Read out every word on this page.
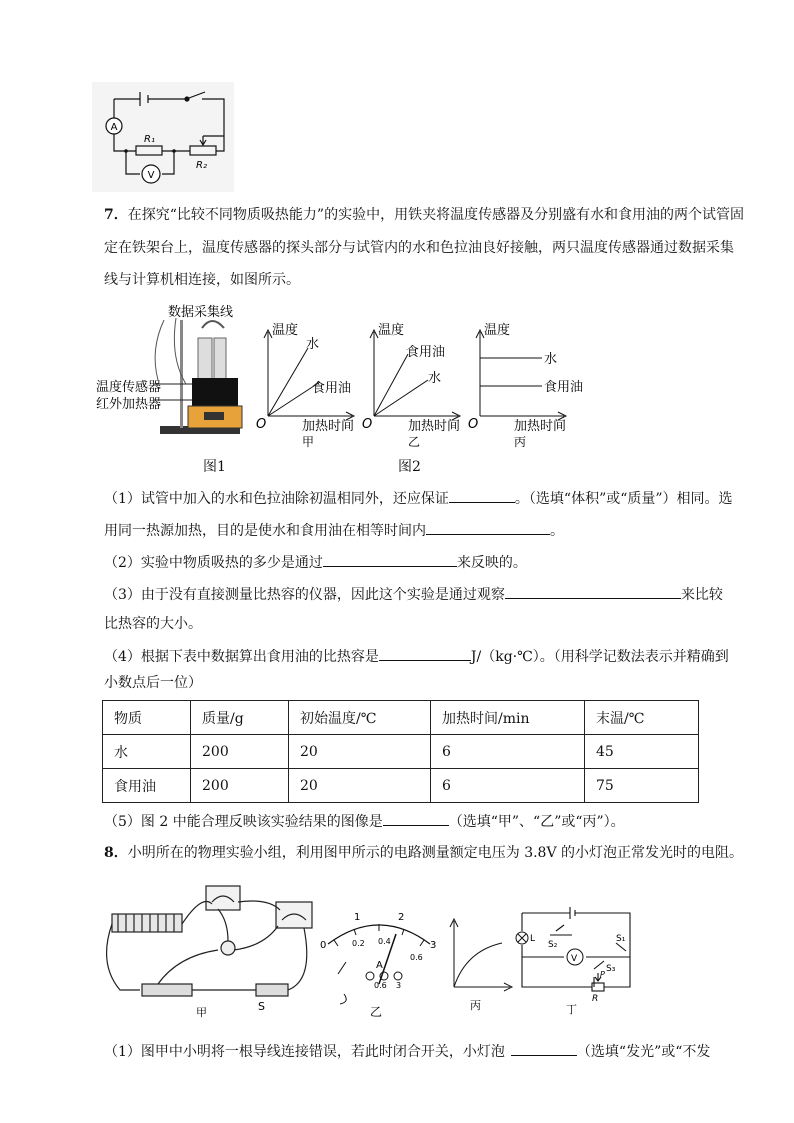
A
V
R₁
R₂
7．在探究“比较不同物质吸热能力”的实验中，用铁夹将温度传感器及分别盛有水和食用油的两个试管固
定在铁架台上，温度传感器的探头部分与试管内的水和色拉油良好接触，两只温度传感器通过数据采集
线与计算机相连接，如图所示。
数据采集线
温度传感器
红外加热器
图1
温度
水
食用油
O	加热时间
甲
温度
食用油
水
O	加热时间
乙
温度
水
食用油
O	加热时间
丙
图2
（1）试管中加入的水和色拉油除初温相同外，还应保证	。（选填“体积”或“质量”）相同。选
用同一热源加热，目的是使水和食用油在相等时间内	。
（2）实验中物质吸热的多少是通过	来反映的。
（3）由于没有直接测量比热容的仪器，因此这个实验是通过观察	来比较
比热容的大小。
（4）根据下表中数据算出食用油的比热容是	J/（kg·℃）。（用科学记数法表示并精确到
小数点后一位）
物质	质量/g	初始温度/℃	加热时间/min	末温/℃
水	200	20	6	45
食用油	200	20	6	75
（5）图 2 中能合理反映该实验结果的图像是	（选填“甲”、“乙”或“丙”）。
8．小明所在的物理实验小组，利用图甲所示的电路测量额定电压为 3.8V 的小灯泡正常发光时的电阻。
S
甲
1	2
0	3
0.2 0.4
0.6
A
0.6 3
乙	丙
L
S₂
S₁
S₃
V
R
P
丁
（1）图甲中小明将一根导线连接错误，若此时闭合开关，小灯泡	（选填“发光”或“不发
